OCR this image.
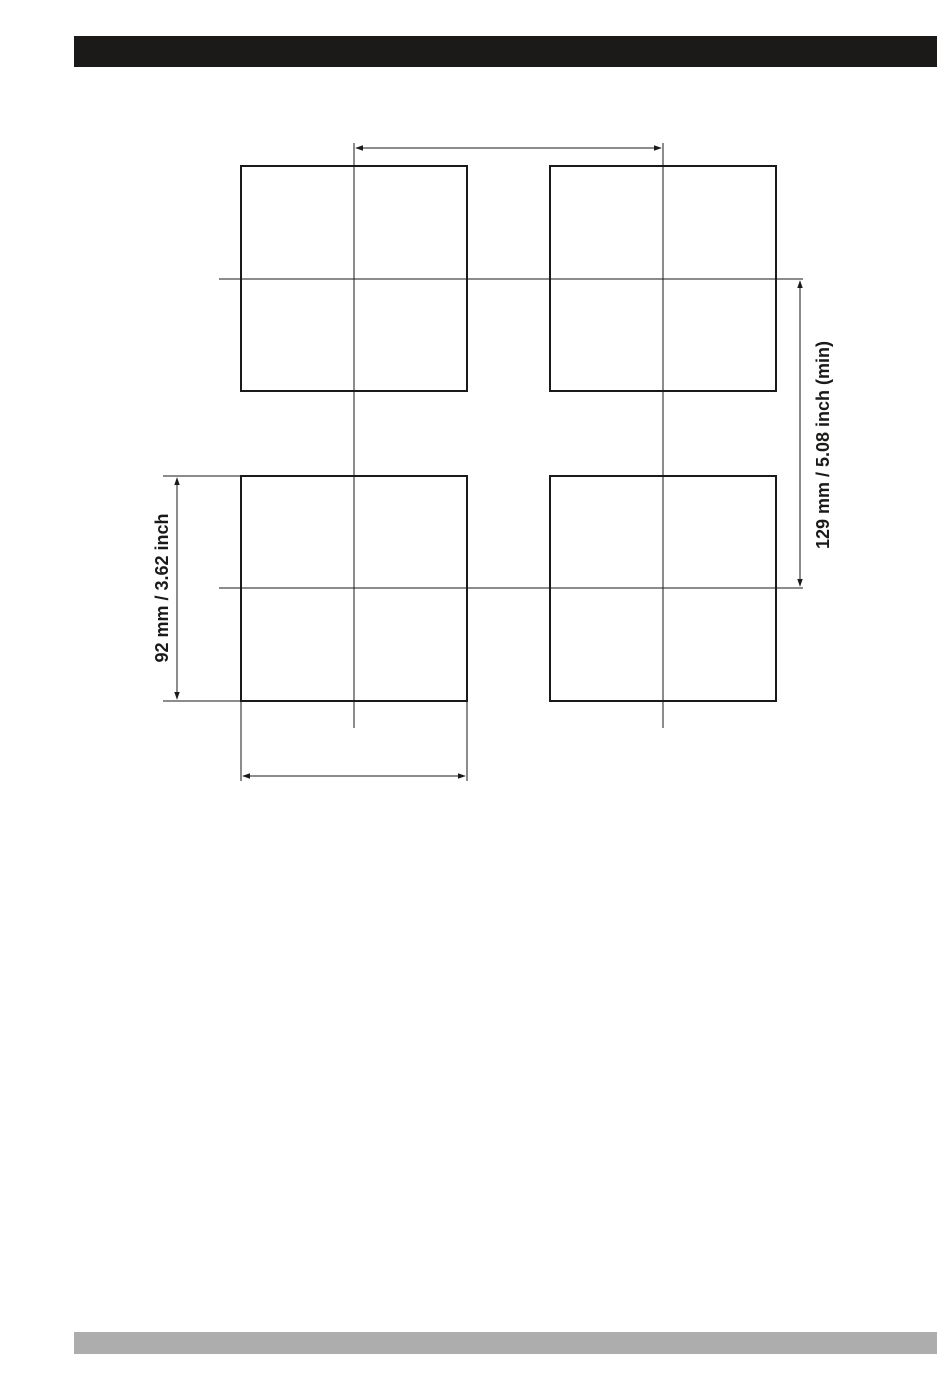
129 mm / 5.08 inch (min)
92 mm / 3.62 inch
